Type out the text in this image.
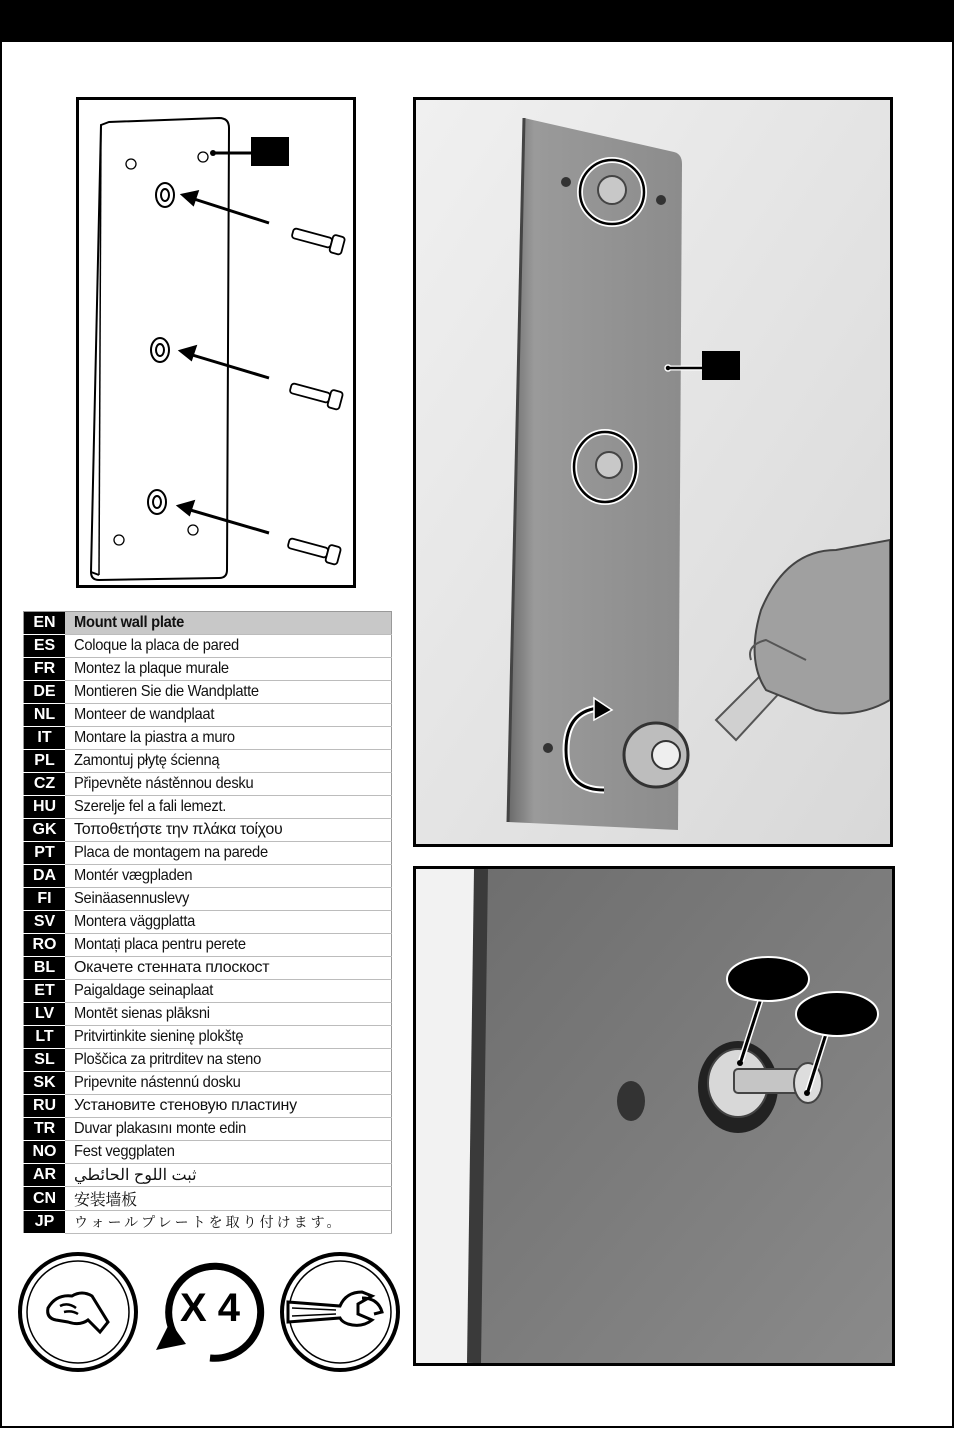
EN	Mount wall plate
ES	Coloque la placa de pared
FR	Montez la plaque murale
DE	Montieren Sie die Wandplatte
NL	Monteer de wandplaat
IT	Montare la piastra a muro
PL	Zamontuj płytę ścienną
CZ	Připevněte nástěnnou desku
HU	Szerelje fel a fali lemezt.
GK	Τοποθετήστε την πλάκα τοίχου
PT	Placa de montagem na parede
DA	Montér vægpladen
FI	Seinäasennuslevy
SV	Montera väggplatta
RO	Montați placa pentru perete
BL	Окачете стенната плоскост
ET	Paigaldage seinaplaat
LV	Montēt sienas plāksni
LT	Pritvirtinkite sieninę plokštę
SL	Ploščica za pritrditev na steno
SK	Pripevnite nástennú dosku
RU	Установите стеновую пластину
TR	Duvar plakasını monte edin
NO	Fest veggplaten
AR	ثبت اللوح الحائطي
CN	安装墙板
JP	ウォールプレートを取り付けます。
X 4
